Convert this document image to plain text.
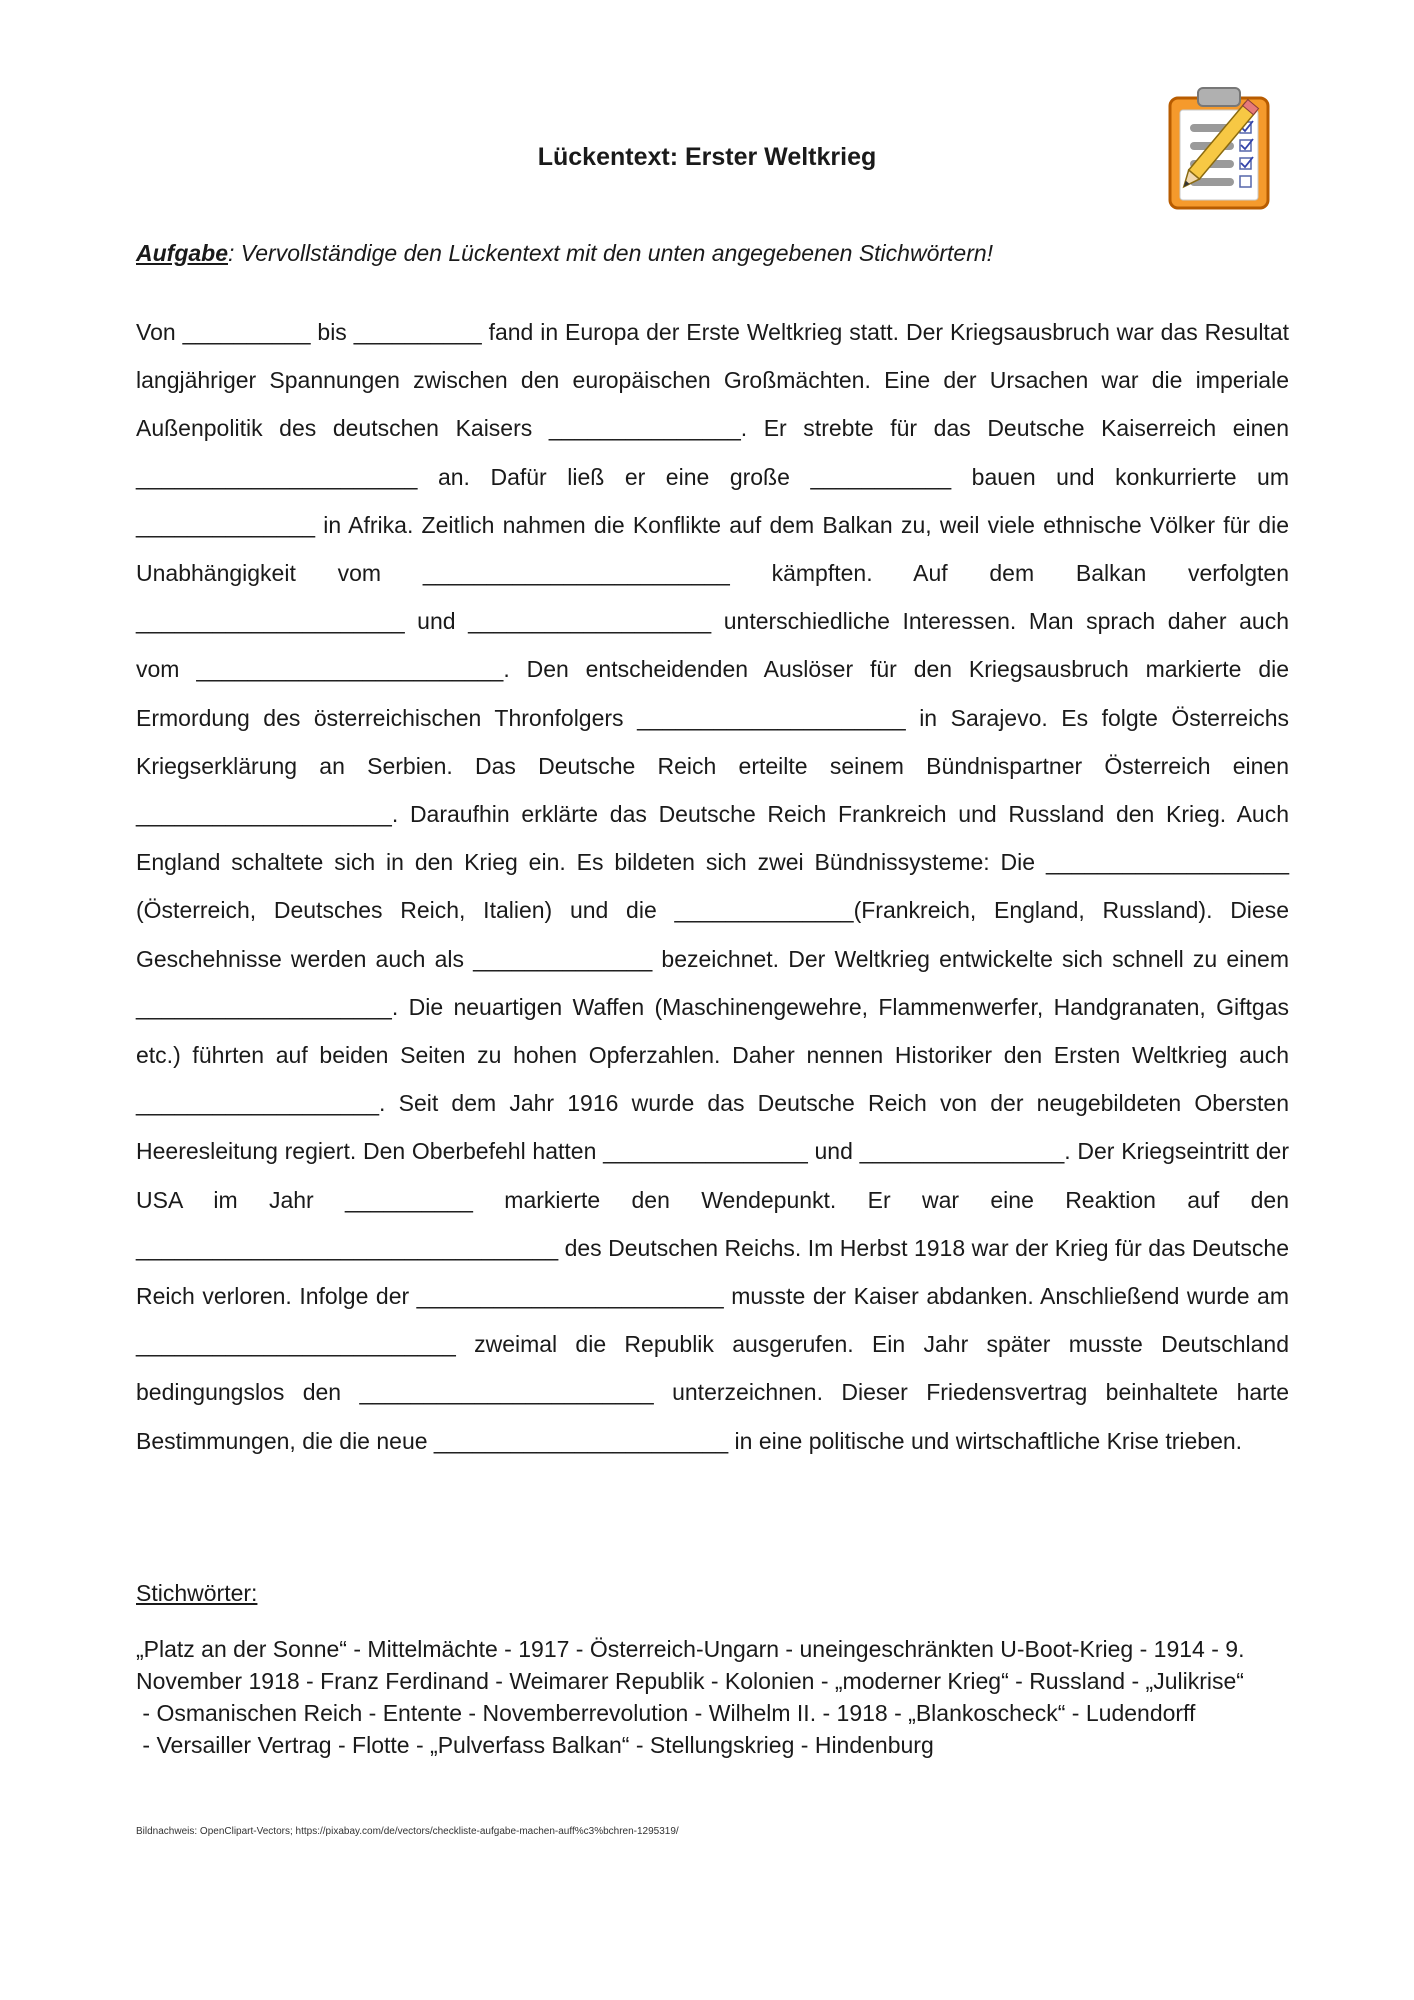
Lückentext: Erster Weltkrieg

Aufgabe: Vervollständige den Lückentext mit den unten angegebenen Stichwörtern!

Von __________ bis __________ fand in Europa der Erste Weltkrieg statt. Der Kriegsausbruch war das Resultat langjähriger Spannungen zwischen den europäischen Großmächten. Eine der Ursachen war die imperiale Außenpolitik des deutschen Kaisers _______________. Er strebte für das Deutsche Kaiserreich einen ______________________ an. Dafür ließ er eine große ___________ bauen und konkurrierte um ______________ in Afrika. Zeitlich nahmen die Konflikte auf dem Balkan zu, weil viele ethnische Völker für die Unabhängigkeit vom ________________________ kämpften. Auf dem Balkan verfolgten _____________________ und ___________________ unterschiedliche Interessen. Man sprach daher auch vom ________________________. Den entscheidenden Auslöser für den Kriegsausbruch markierte die Ermordung des österreichischen Thronfolgers _____________________ in Sarajevo. Es folgte Österreichs Kriegserklärung an Serbien. Das Deutsche Reich erteilte seinem Bündnispartner Österreich einen ____________________. Daraufhin erklärte das Deutsche Reich Frankreich und Russland den Krieg. Auch England schaltete sich in den Krieg ein. Es bildeten sich zwei Bündnissysteme: Die ___________________ (Österreich, Deutsches Reich, Italien) und die ______________(Frankreich, England, Russland). Diese Geschehnisse werden auch als ______________ bezeichnet. Der Weltkrieg entwickelte sich schnell zu einem ____________________. Die neuartigen Waffen (Maschinengewehre, Flammenwerfer, Handgranaten, Giftgas etc.) führten auf beiden Seiten zu hohen Opferzahlen. Daher nennen Historiker den Ersten Weltkrieg auch ___________________. Seit dem Jahr 1916 wurde das Deutsche Reich von der neugebildeten Obersten Heeresleitung regiert. Den Oberbefehl hatten ________________ und ________________. Der Kriegseintritt der USA im Jahr __________ markierte den Wendepunkt. Er war eine Reaktion auf den _________________________________ des Deutschen Reichs. Im Herbst 1918 war der Krieg für das Deutsche Reich verloren. Infolge der ________________________ musste der Kaiser abdanken. Anschließend wurde am _________________________ zweimal die Republik ausgerufen. Ein Jahr später musste Deutschland bedingungslos den _______________________ unterzeichnen. Dieser Friedensvertrag beinhaltete harte Bestimmungen, die die neue _______________________ in eine politische und wirtschaftliche Krise trieben.

Stichwörter:

„Platz an der Sonne“ - Mittelmächte - 1917 - Österreich-Ungarn - uneingeschränkten U-Boot-Krieg - 1914 - 9. November 1918 - Franz Ferdinand - Weimarer Republik - Kolonien - „moderner Krieg“ - Russland - „Julikrise“ - Osmanischen Reich - Entente - Novemberrevolution - Wilhelm II. - 1918 - „Blankoscheck“ - Ludendorff - Versailler Vertrag - Flotte - „Pulverfass Balkan“ - Stellungskrieg - Hindenburg

Bildnachweis: OpenClipart-Vectors; https://pixabay.com/de/vectors/checkliste-aufgabe-machen-auff%c3%bchren-1295319/
